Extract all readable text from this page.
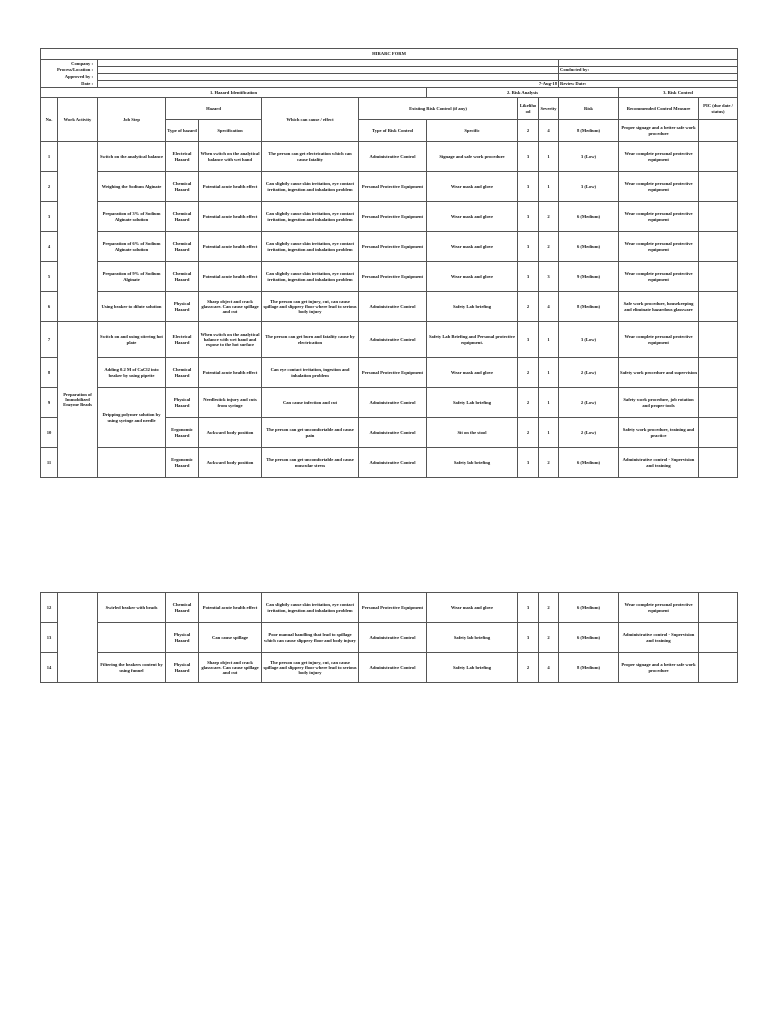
HIRARC FORM												
Company :												
Process/Location :										Conducted by:		
Approved by :												
Date :		7-Aug-18								Review Date:		
1. Hazard Identification							2. Risk Analysis				3. Risk Control	
No.	Work Activity	Job Step	Hazard		Which can cause / effect	Existing Risk Control (if any)		Likelihood	Severity	Risk	Recommended Control Measure	PIC (due date / status)
			Type of hazard	Specification		Type of Risk Control	Specific	2	4	8 (Medium)	Proper signage and a better safe work procedure	
1		Switch on the analytical balance	Electrical Hazard	When switch on the analytical balance with wet hand	The person can get electrication which can cause fatality	Administrative Control	Signage and safe work procedure	3	1	3 (Low)	Wear complete personal protective equipment	
2		Weighing the Sodium Alginate	Chemical Hazard	Potential acute health effect	Can slightly cause skin irritation, eye contact irritation, ingestion and inhalation problem	Personal Protective Equipment	Wear mask and glove	3	1	3 (Low)	Wear complete personal protective equipment	
3		Preparation of 3% of Sodium Alginate solution	Chemical Hazard	Potential acute health effect	Can slightly cause skin irritation, eye contact irritation, ingestion and inhalation problem	Personal Protective Equipment	Wear mask and glove	3	2	6 (Medium)	Wear complete personal protective equipment	
4		Preparation of 6% of Sodium Alginate solution	Chemical Hazard	Potential acute health effect	Can slightly cause skin irritation, eye contact irritation, ingestion and inhalation problem	Personal Protective Equipment	Wear mask and glove	3	2	6 (Medium)	Wear complete personal protective equipment	
5		Preparation of 9% of Sodium Alginate	Chemical Hazard	Potential acute health effect	Can slightly cause skin irritation, eye contact irritation, ingestion and inhalation problem	Personal Protective Equipment	Wear mask and glove	3	3	9 (Medium)	Wear complete personal protective equipment	
6		Using beaker to dilute solution	Physical Hazard	Sharp object and crack glassware. Can cause spillage and cut	The person can get injury, cut, can cause spillage and slippery floor where lead to serious body injury	Administrative Control	Safety Lab briefing	2	4	8 (Medium)	Safe work procedure, housekeeping and eliminate hazardous glassware	
7	Preparation of Immobilized Enzyme Beads	Switch on and using stirring hot plate	Electrical Hazard	When switch on the analytical balance with wet hand and expose to the hot surface	The person can get burn and fatality cause by electrication	Administrative Control	Safety Lab Briefing and Personal protective equipment.	3	1	3 (Low)	Wear complete personal protective equipment	
8		Adding 0.2 M of CaCl2 into beaker by using pipette	Chemical Hazard	Potential acute health effect	Can eye contact irritation, ingestion and inhalation problem	Personal Protective Equipment	Wear mask and glove	2	1	2 (Low)	Safety work procedure and supervision	
9		Dripping polymer solution by using syringe and needle	Physical Hazard	Needlestick injury and cuts from syringe	Can cause infection and cut	Administrative Control	Safety Lab briefing	2	1	2 (Low)	Safety work procedure, job rotation and proper tools	
10			Ergonomic Hazard	Awkward body position	The person can get uncomfortable and cause pain	Administrative Control	Sit on the stool	2	1	2 (Low)	Safety work procedure, training and practice	
11			Ergonomic Hazard	Awkward body position	The person can get uncomfortable and cause muscular stress	Administrative Control	Safety lab briefing	3	2	6 (Medium)	Administrative control - Supervision and training	
12		Swirled beaker with beads	Chemical Hazard	Potential acute health effect	Can slightly cause skin irritation, eye contact irritation, ingestion and inhalation problem	Personal Protective Equipment	Wear mask and glove	3	2	6 (Medium)	Wear complete personal protective equipment	
13			Physical Hazard	Can cause spillage	Poor manual handling that lead to spillage which can cause slippery floor and body injury	Administrative Control	Safety lab briefing	3	2	6 (Medium)	Administrative control - Supervision and training	
14		Filtering the beakers content by using funnel	Physical Hazard	Sharp object and crack glassware. Can cause spillage and cut	The person can get injury, cut, can cause spillage and slippery floor where lead to serious body injury	Administrative Control	Safety Lab briefing	2	4	8 (Medium)	Proper signage and a better safe work procedure	
